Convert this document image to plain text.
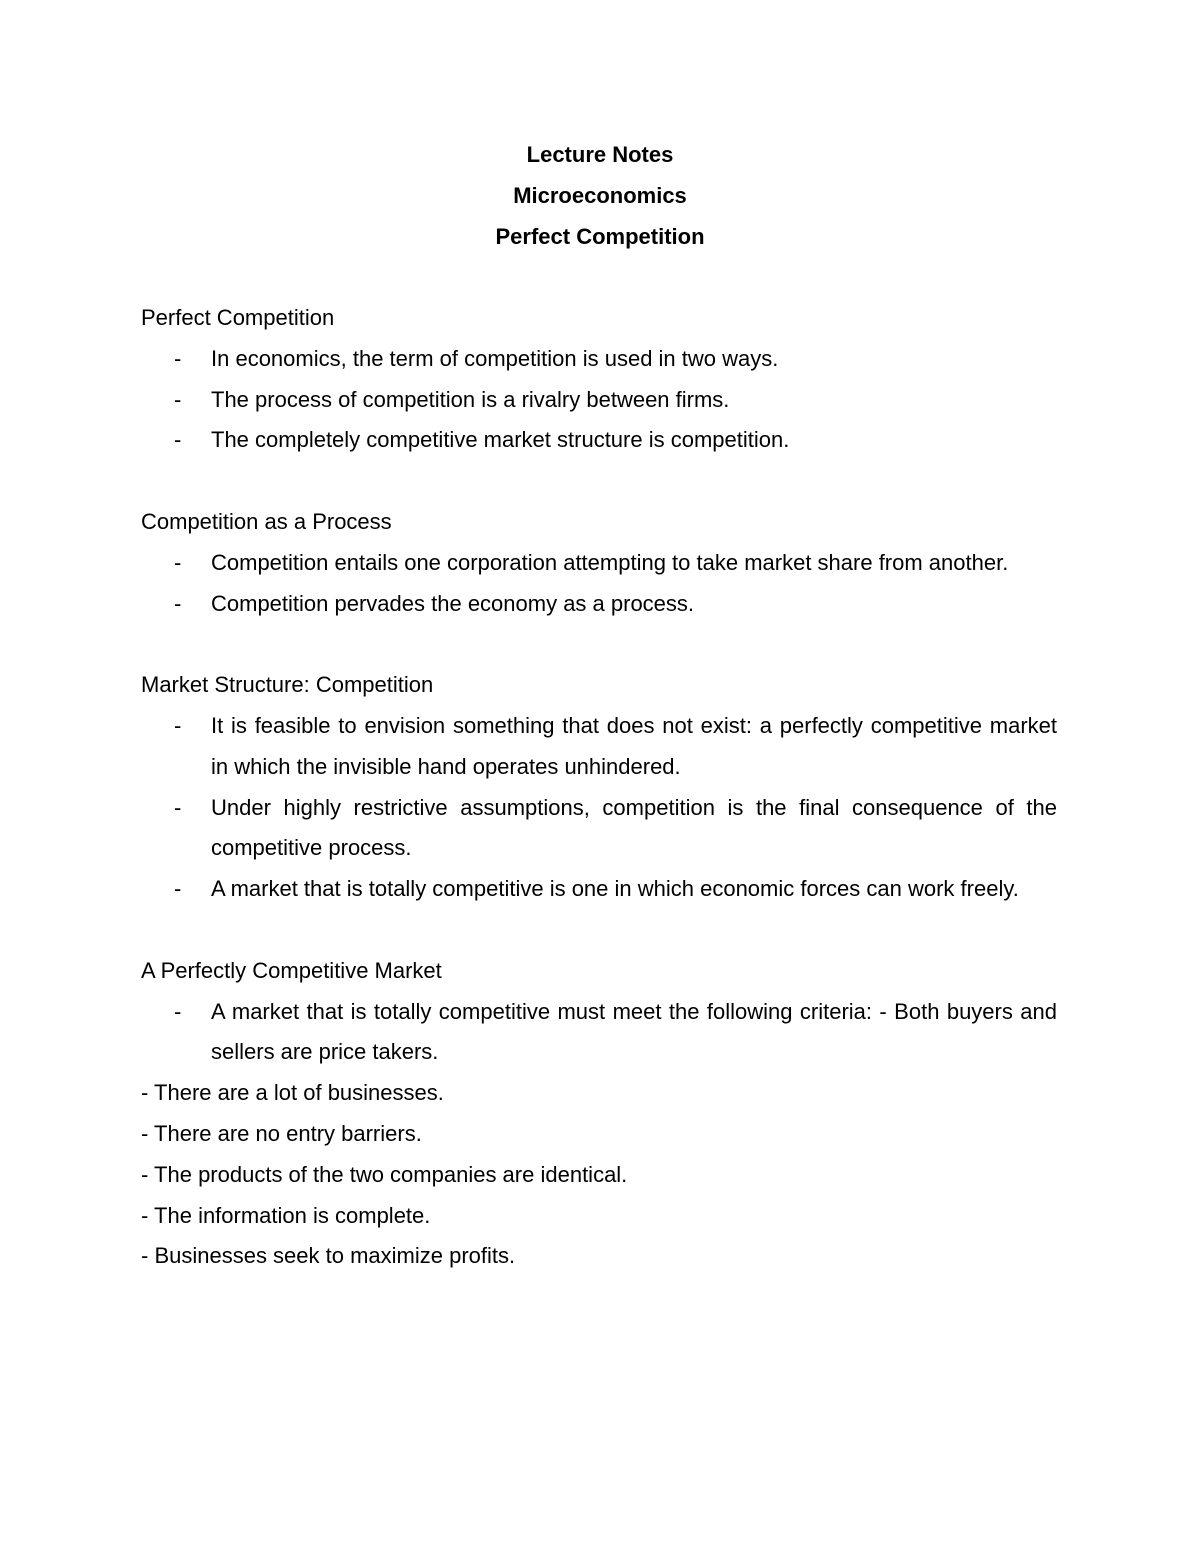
Lecture Notes
Microeconomics
Perfect Competition
Perfect Competition
- In economics, the term of competition is used in two ways.
- The process of competition is a rivalry between firms.
- The completely competitive market structure is competition.
Competition as a Process
- Competition entails one corporation attempting to take market share from another.
- Competition pervades the economy as a process.
Market Structure: Competition
- It is feasible to envision something that does not exist: a perfectly competitive market in which the invisible hand operates unhindered.
- Under highly restrictive assumptions, competition is the final consequence of the competitive process.
- A market that is totally competitive is one in which economic forces can work freely.
A Perfectly Competitive Market
- A market that is totally competitive must meet the following criteria: - Both buyers and sellers are price takers.
- There are a lot of businesses.
- There are no entry barriers.
- The products of the two companies are identical.
- The information is complete.
- Businesses seek to maximize profits.
